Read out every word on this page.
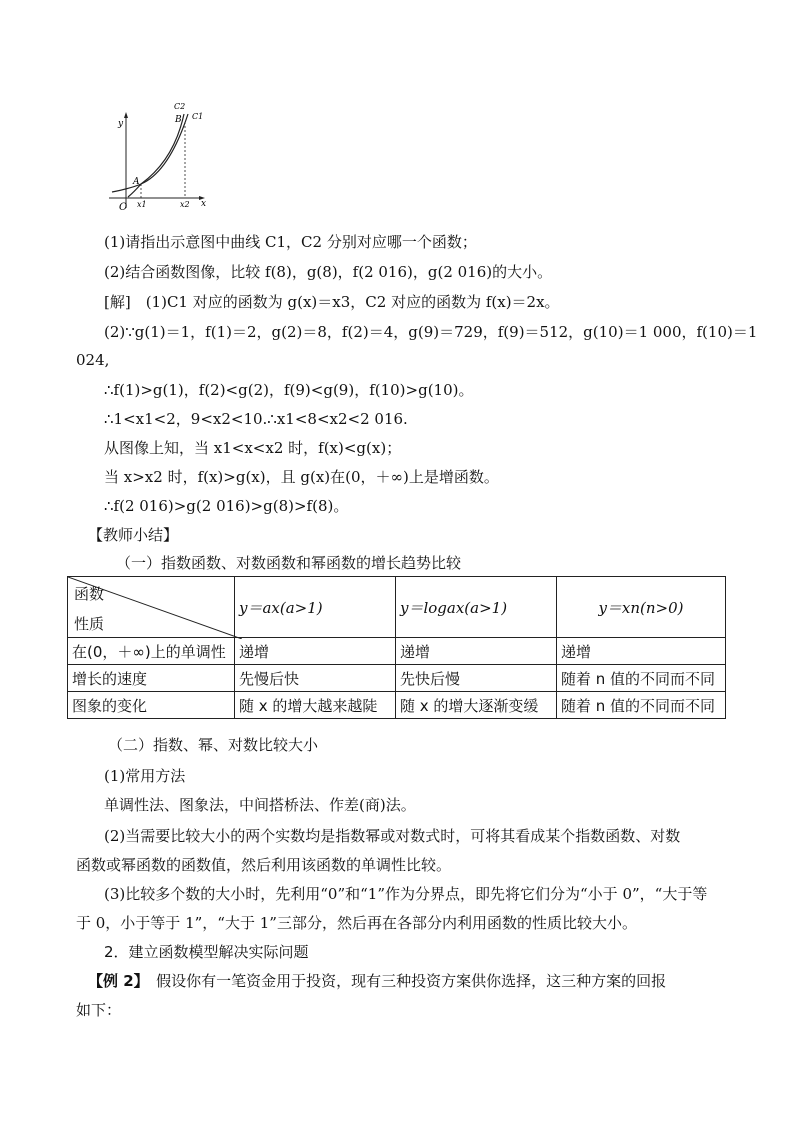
y
O	x
A
B C1
C2
x1	x2
(1)请指出示意图中曲线 C1，C2 分别对应哪一个函数；
(2)结合函数图像，比较 f(8)，g(8)，f(2 016)，g(2 016)的大小。
[解]　(1)C1 对应的函数为 g(x)＝x3，C2 对应的函数为 f(x)＝2x。
(2)∵g(1)＝1，f(1)＝2，g(2)＝8，f(2)＝4，g(9)＝729，f(9)＝512，g(10)＝1 000，f(10)＝1
024,
∴f(1)>g(1)，f(2)<g(2)，f(9)<g(9)，f(10)>g(10)。
∴1<x1<2，9<x2<10.∴x1<8<x2<2 016.
从图像上知，当 x1<x<x2 时，f(x)<g(x)；
当 x>x2 时，f(x)>g(x)，且 g(x)在(0，＋∞)上是增函数。
∴f(2 016)>g(2 016)>g(8)>f(8)。
【教师小结】
（一）指数函数、对数函数和幂函数的增长趋势比较
函数
性质	y＝ax(a>1)	y＝logax(a>1)	y＝xn(n>0)
在(0，＋∞)上的单调性	递增	递增	递增
增长的速度	先慢后快	先快后慢	随着 n 值的不同而不同
图象的变化	随 x 的增大越来越陡	随 x 的增大逐渐变缓	随着 n 值的不同而不同
（二）指数、幂、对数比较大小
(1)常用方法
单调性法、图象法，中间搭桥法、作差(商)法。
(2)当需要比较大小的两个实数均是指数幂或对数式时，可将其看成某个指数函数、对数
函数或幂函数的函数值，然后利用该函数的单调性比较。
(3)比较多个数的大小时，先利用“0”和“1”作为分界点，即先将它们分为“小于 0”，“大于等
于 0，小于等于 1”，“大于 1”三部分，然后再在各部分内利用函数的性质比较大小。
2．建立函数模型解决实际问题
【例 2】　假设你有一笔资金用于投资，现有三种投资方案供你选择，这三种方案的回报
如下：
